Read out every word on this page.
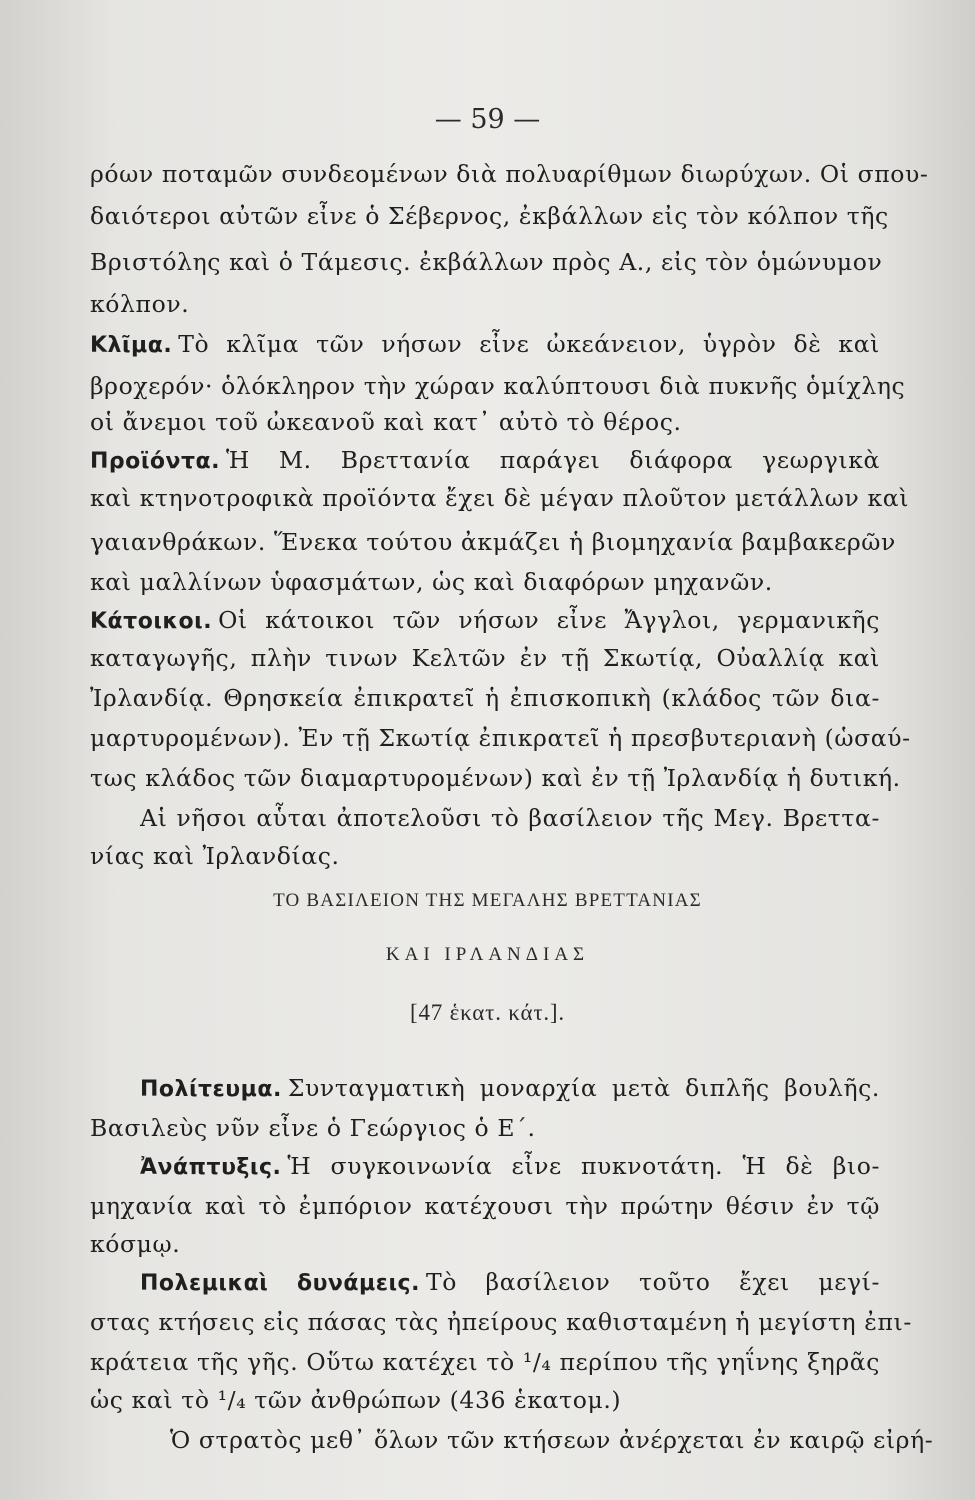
— 59 —
ρόων ποταμῶν συνδεομένων διὰ πολυαρίθμων διωρύχων. Οἱ σπου-
δαιότεροι αὐτῶν εἶνε ὁ Σέβερνος, ἐκβάλλων εἰς τὸν κόλπον τῆς
Βριστόλης καὶ ὁ Τάμεσις. ἐκβάλλων πρὸς Α., εἰς τὸν ὁμώνυμον
κόλπον.
Κλῖμα. Τὸ κλῖμα τῶν νήσων εἶνε ὠκεάνειον, ὑγρὸν δὲ καὶ
βροχερόν· ὁλόκληρον τὴν χώραν καλύπτουσι διὰ πυκνῆς ὁμίχλης
οἱ ἄνεμοι τοῦ ὠκεανοῦ καὶ κατ᾽ αὐτὸ τὸ θέρος.
Προϊόντα. Ἡ Μ. Βρεττανία παράγει διάφορα γεωργικὰ
καὶ κτηνοτροφικὰ προϊόντα ἔχει δὲ μέγαν πλοῦτον μετάλλων καὶ
γαιανθράκων. Ἕνεκα τούτου ἀκμάζει ἡ βιομηχανία βαμβακερῶν
καὶ μαλλίνων ὑφασμάτων, ὡς καὶ διαφόρων μηχανῶν.
Κάτοικοι. Οἱ κάτοικοι τῶν νήσων εἶνε Ἄγγλοι, γερμανικῆς
καταγωγῆς, πλὴν τινων Κελτῶν ἐν τῇ Σκωτίᾳ, Οὐαλλίᾳ καὶ
Ἰρλανδίᾳ. Θρησκεία ἐπικρατεῖ ἡ ἐπισκοπικὴ (κλάδος τῶν δια-
μαρτυρομένων). Ἐν τῇ Σκωτίᾳ ἐπικρατεῖ ἡ πρεσβυτεριανὴ (ὡσαύ-
τως κλάδος τῶν διαμαρτυρομένων) καὶ ἐν τῇ Ἰρλανδίᾳ ἡ δυτική.
Αἱ νῆσοι αὗται ἀποτελοῦσι τὸ βασίλειον τῆς Μεγ. Βρεττα-
νίας καὶ Ἰρλανδίας.
ΤΟ ΒΑΣΙΛΕΙΟΝ ΤΗΣ ΜΕΓΑΛΗΣ ΒΡΕΤΤΑΝΙΑΣ
ΚΑΙ ΙΡΛΑΝΔΙΑΣ
[47 ἑκατ. κάτ.].
Πολίτευμα. Συνταγματικὴ μοναρχία μετὰ διπλῆς βουλῆς.
Βασιλεὺς νῦν εἶνε ὁ Γεώργιος ὁ Ε΄.
Ἀνάπτυξις. Ἡ συγκοινωνία εἶνε πυκνοτάτη. Ἡ δὲ βιο-
μηχανία καὶ τὸ ἐμπόριον κατέχουσι τὴν πρώτην θέσιν ἐν τῷ
κόσμῳ.
Πολεμικαὶ δυνάμεις. Τὸ βασίλειον τοῦτο ἔχει μεγί-
στας κτήσεις εἰς πάσας τὰς ἠπείρους καθισταμένη ἡ μεγίστη ἐπι-
κράτεια τῆς γῆς. Οὕτω κατέχει τὸ ¹/₄ περίπου τῆς γηΐνης ξηρᾶς
ὡς καὶ τὸ ¹/₄ τῶν ἀνθρώπων (436 ἑκατομ.)
Ὁ στρατὸς μεθ᾽ ὅλων τῶν κτήσεων ἀνέρχεται ἐν καιρῷ εἰρή-
